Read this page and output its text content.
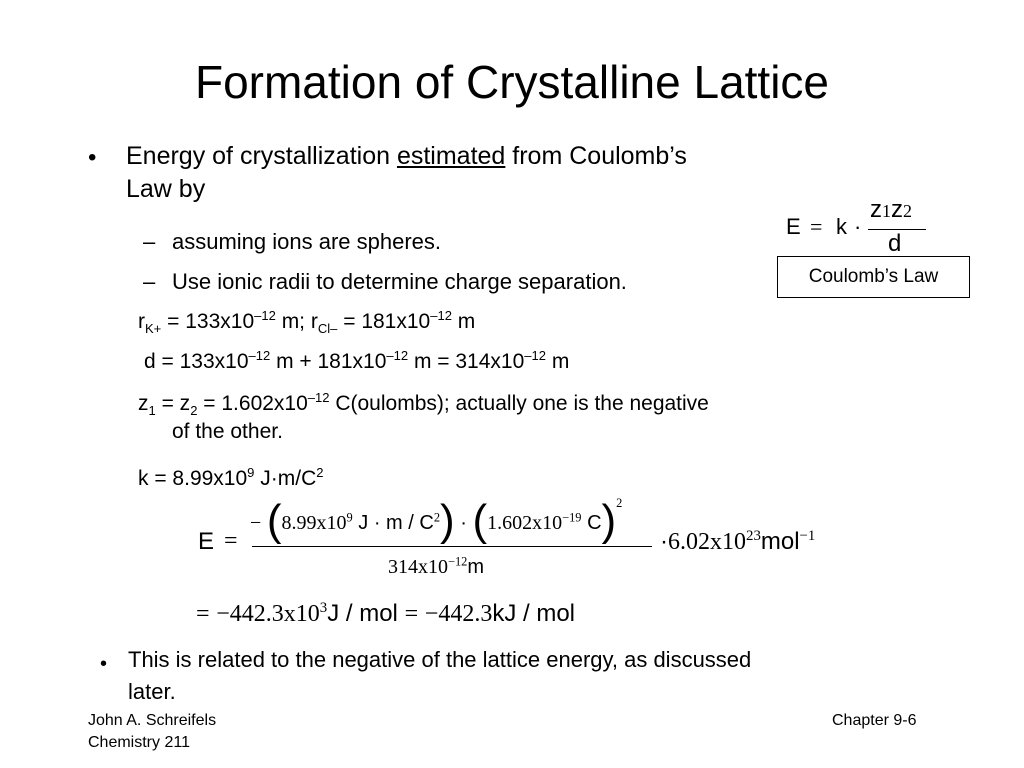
Formation of Crystalline Lattice
• Energy of crystallization estimated from Coulomb’s
Law by
– assuming ions are spheres.
– Use ionic radii to determine charge separation.
E = k ·
z1z2
d
Coulomb’s Law
$r_{K+} = 133x10^{-12}$ m; $r_{Cl-} = 181x10^{-12}$ m
$d = 133x10^{-12}$ $m + 181x10^{-12}$ $m = 314x10^{-12}$ m
$z_1 = z_2 = 1.602x10^{-12}$ C(oulombs); actually one is the negative
of the other.
$k = 8.99x10^9$ $J\cdot m/C^2$
E =
− ($8.99x10^9$ $J \cdot m / C^2) \cdot (1.602x10^{-19}$ C)$^2$
$314x10^{-12}m$
$\cdot 6.02x10^{23}mol^{-1}$
= $-442.3x10^3J$ / mol = −442.3kJ / mol
• This is related to the negative of the lattice energy, as discussed
later.
John A. Schreifels
Chemistry 211
Chapter 9-6
